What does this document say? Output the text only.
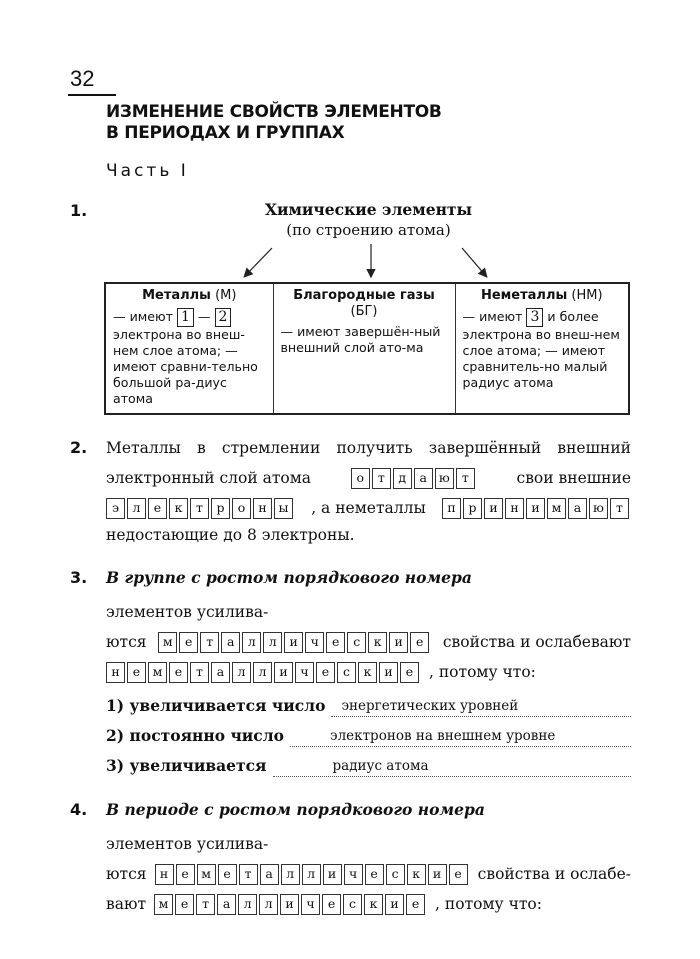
32
ИЗМЕНЕНИЕ СВОЙСТВ ЭЛЕМЕНТОВ
В ПЕРИОДАХ И ГРУППАХ
Часть I
1.	Химические элементы
(по строению атома)
Металлы (М)
— имеют 1 — 2
электрона во внеш-нем слое атома; — имеют сравни-тельно большой ра-диус атома

Благородные газы (БГ)
— имеют завершён-ный внешний слой ато-ма

Неметаллы (НМ)
— имеют 3 и более
электрона во внеш-нем слое атома; — имеют сравнитель-но малый радиус атома
2. Металлы в стремлении получить завершённый внешний
электронный слой атома	о	т	д	а ю т	свои внешние
э	л	е	к	т	р	о	н ы , а неметаллы	п	р	и	н	и м а ю т
недостающие до 8 электроны.
3. В группе с ростом порядкового номера
элементов усилива-
ются	м е	т	а	л	л	и	ч	е	с	к	и	е	свойства и ослабевают
н	е м е	т	а	л	л	и	ч	е	с	к	и	е	, потому что:
1) увеличивается число	энергетических уровней
2) постоянно число	электронов на внешнем уровне
3) увеличивается	радиус атома
4. В периоде с ростом порядкового номера
элементов усилива-
ются	н	е м е	т	а	л	л	и	ч	е	с	к	и	е	свойства и ослабе-
вают	м е	т	а	л	л	и	ч	е	с	к	и	е	, потому что:
